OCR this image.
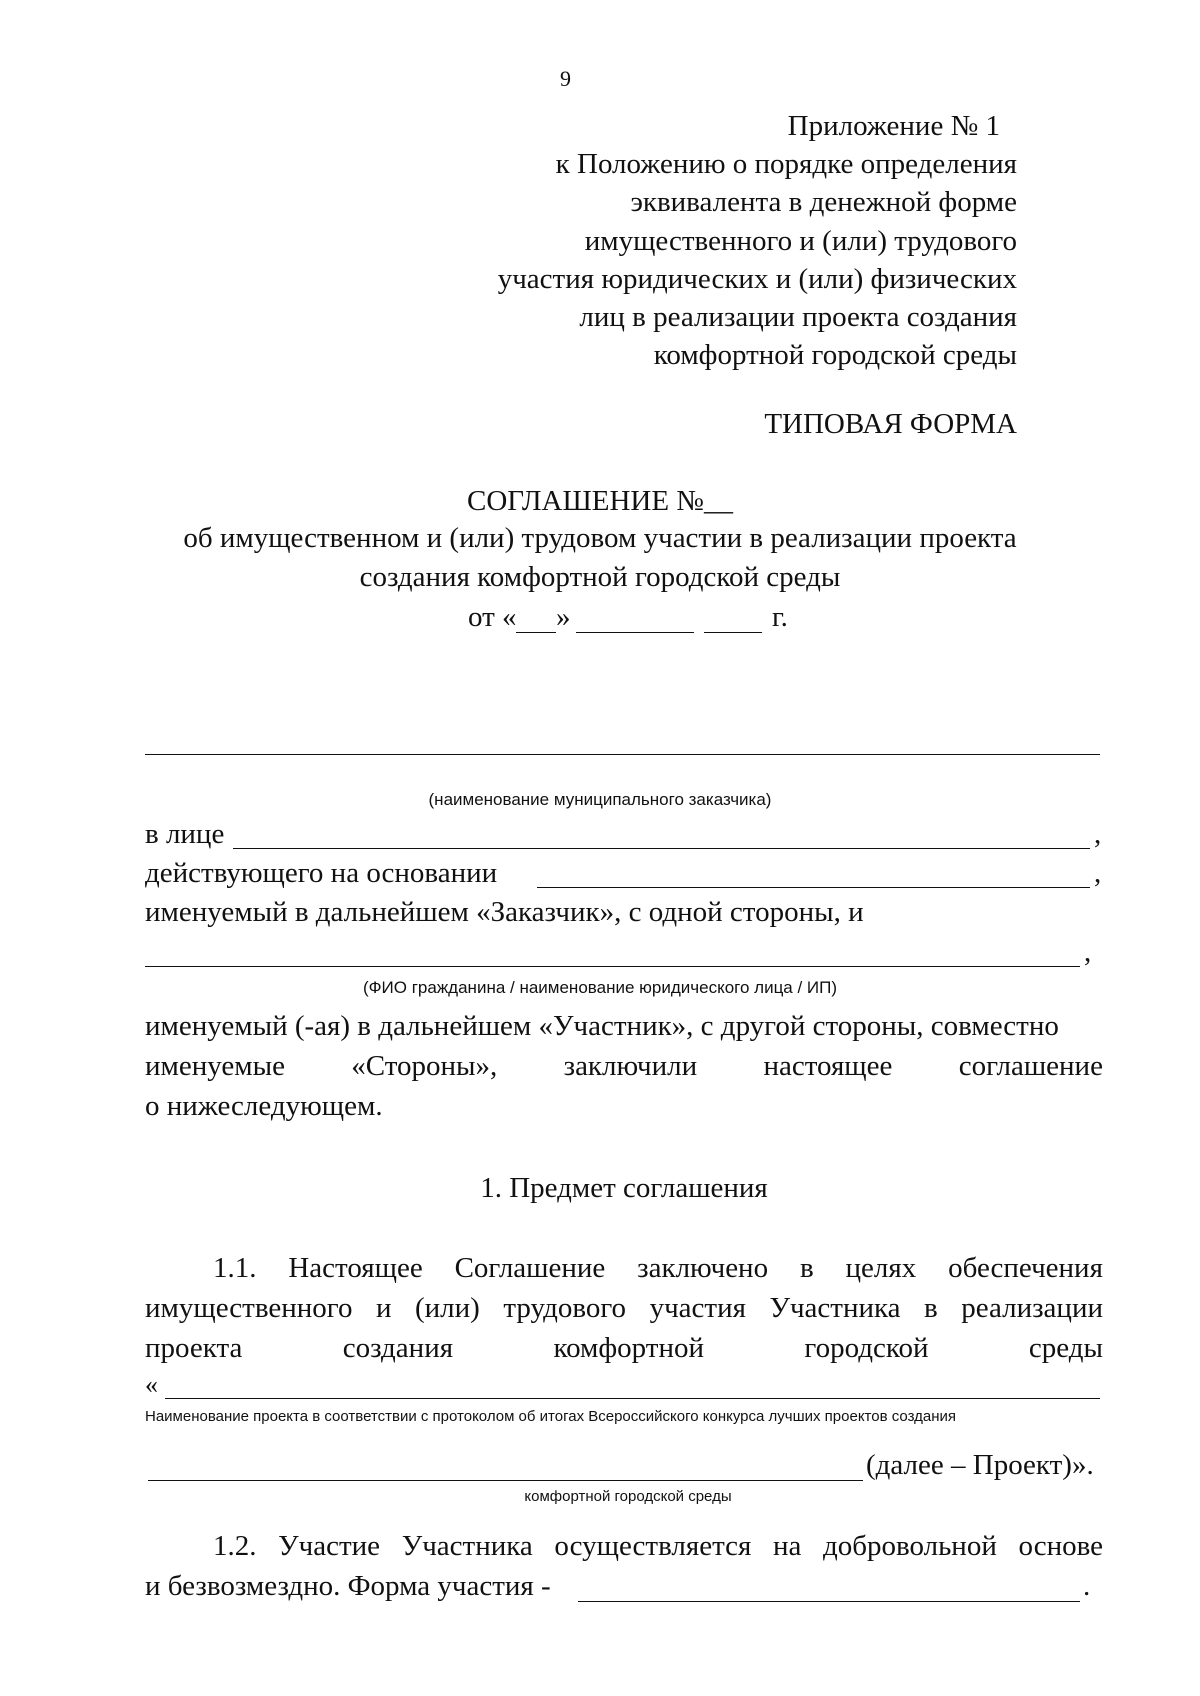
9
Приложение № 1
к Положению о порядке определения
эквивалента в денежной форме
имущественного и (или) трудового
участия юридических и (или) физических
лиц в реализации проекта создания
комфортной городской среды
ТИПОВАЯ ФОРМА
СОГЛАШЕНИЕ №__
об имущественном и (или) трудовом участии в реализации проекта
создания комфортной городской среды
от « »	г.
(наименование муниципального заказчика)
в лице	,
действующего на основании	,
именуемый в дальнейшем «Заказчик», с одной стороны, и
,
(ФИО гражданина / наименование юридического лица / ИП)
именуемый (-ая) в дальнейшем «Участник», с другой стороны, совместно
именуемые «Стороны», заключили настоящее соглашение
о нижеследующем.
1. Предмет соглашения
1.1. Настоящее Соглашение заключено в целях обеспечения
имущественного и (или) трудового участия Участника в реализации
проекта	создания	комфортной	городской	среды
«
Наименование проекта в соответствии с протоколом об итогах Всероссийского конкурса лучших проектов создания
(далее – Проект)».
комфортной городской среды
1.2. Участие Участника осуществляется на добровольной основе
и безвозмездно. Форма участия -	.
